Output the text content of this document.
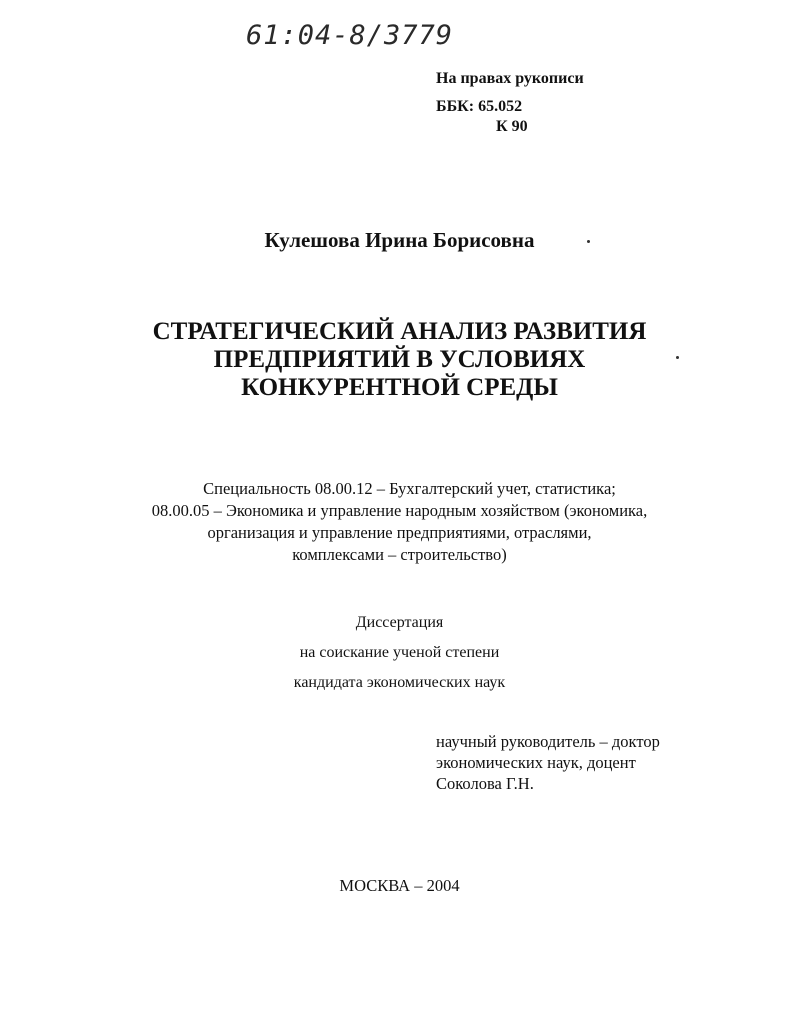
61:04-8/3779
На правах рукописи
ББК: 65.052
К 90
Кулешова Ирина Борисовна
СТРАТЕГИЧЕСКИЙ АНАЛИЗ РАЗВИТИЯ
ПРЕДПРИЯТИЙ В УСЛОВИЯХ
КОНКУРЕНТНОЙ СРЕДЫ
Специальность 08.00.12 – Бухгалтерский учет, статистика;
08.00.05 – Экономика и управление народным хозяйством (экономика,
организация и управление предприятиями, отраслями,
комплексами – строительство)
Диссертация
на соискание ученой степени
кандидата экономических наук
научный руководитель – доктор
экономических наук, доцент
Соколова Г.Н.
МОСКВА – 2004
